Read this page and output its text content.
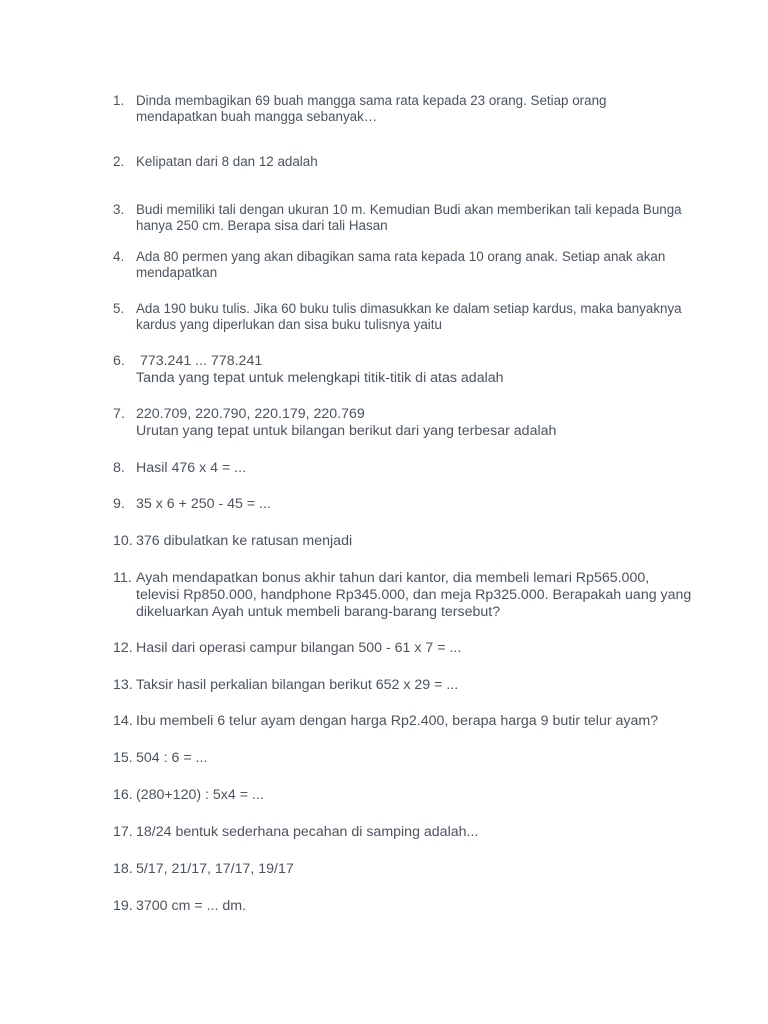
1. Dinda membagikan 69 buah mangga sama rata kepada 23 orang. Setiap orang
mendapatkan buah mangga sebanyak…
2. Kelipatan dari 8 dan 12 adalah
3. Budi memiliki tali dengan ukuran 10 m. Kemudian Budi akan memberikan tali kepada Bunga
hanya 250 cm. Berapa sisa dari tali Hasan
4. Ada 80 permen yang akan dibagikan sama rata kepada 10 orang anak. Setiap anak akan
mendapatkan
5. Ada 190 buku tulis. Jika 60 buku tulis dimasukkan ke dalam setiap kardus, maka banyaknya
kardus yang diperlukan dan sisa buku tulisnya yaitu
6. 773.241 ... 778.241
Tanda yang tepat untuk melengkapi titik-titik di atas adalah
7. 220.709, 220.790, 220.179, 220.769
Urutan yang tepat untuk bilangan berikut dari yang terbesar adalah
8. Hasil 476 x 4 = ...
9. 35 x 6 + 250 - 45 = ...
10. 376 dibulatkan ke ratusan menjadi
11. Ayah mendapatkan bonus akhir tahun dari kantor, dia membeli lemari Rp565.000,
televisi Rp850.000, handphone Rp345.000, dan meja Rp325.000. Berapakah uang yang
dikeluarkan Ayah untuk membeli barang-barang tersebut?
12. Hasil dari operasi campur bilangan 500 - 61 x 7 = ...
13. Taksir hasil perkalian bilangan berikut 652 x 29 = ...
14. Ibu membeli 6 telur ayam dengan harga Rp2.400, berapa harga 9 butir telur ayam?
15. 504 : 6 = ...
16. (280+120) : 5x4 = ...
17. 18/24 bentuk sederhana pecahan di samping adalah...
18. 5/17, 21/17, 17/17, 19/17
19. 3700 cm = ... dm.
